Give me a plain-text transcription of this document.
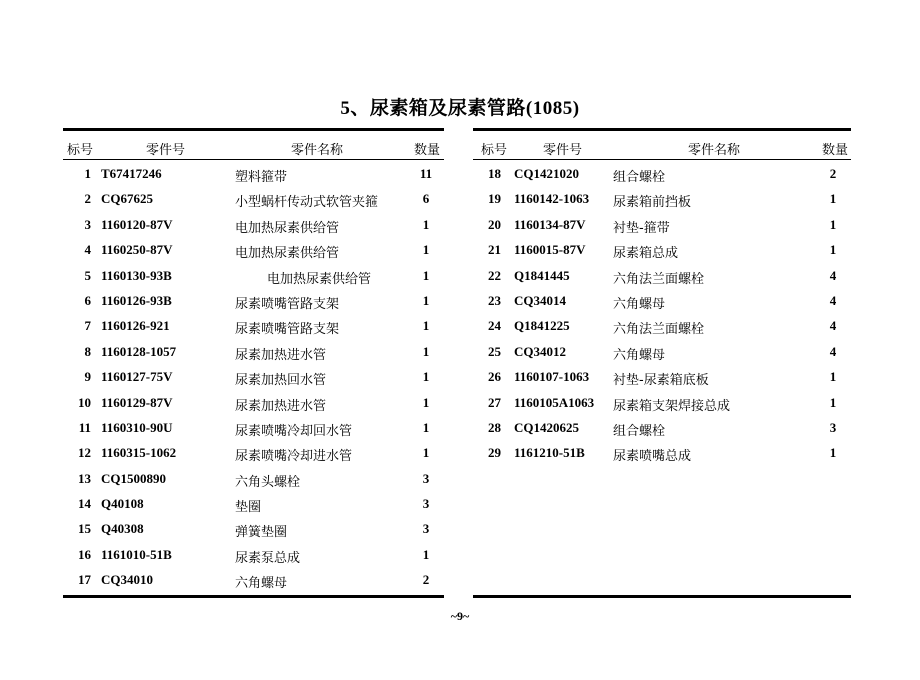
5、尿素箱及尿素管路(1085)
标号	零件号	零件名称	数量
1 T67417246	塑料箍带	11
2 CQ67625	小型蜗杆传动式软管夹箍	6
3 1160120-87V	电加热尿素供给管	1
4 1160250-87V	电加热尿素供给管	1
5 1160130-93B	电加热尿素供给管	1
6 1160126-93B	尿素喷嘴管路支架	1
7 1160126-921	尿素喷嘴管路支架	1
8 1160128-1057	尿素加热进水管	1
9 1160127-75V	尿素加热回水管	1
10 1160129-87V	尿素加热进水管	1
11 1160310-90U	尿素喷嘴冷却回水管	1
12 1160315-1062	尿素喷嘴冷却进水管	1
13 CQ1500890	六角头螺栓	3
14 Q40108	垫圈	3
15 Q40308	弹簧垫圈	3
16 1161010-51B	尿素泵总成	1
17 CQ34010	六角螺母	2
标号	零件号	零件名称	数量
18 CQ1421020	组合螺栓	2
19 1160142-1063 尿素箱前挡板	1
20 1160134-87V 衬垫-箍带	1
21 1160015-87V 尿素箱总成	1
22 Q1841445	六角法兰面螺栓	4
23 CQ34014	六角螺母	4
24 Q1841225	六角法兰面螺栓	4
25 CQ34012	六角螺母	4
26 1160107-1063 衬垫-尿素箱底板	1
27 1160105A1063 尿素箱支架焊接总成	1
28 CQ1420625	组合螺栓	3
29 1161210-51B 尿素喷嘴总成	1
~9~
